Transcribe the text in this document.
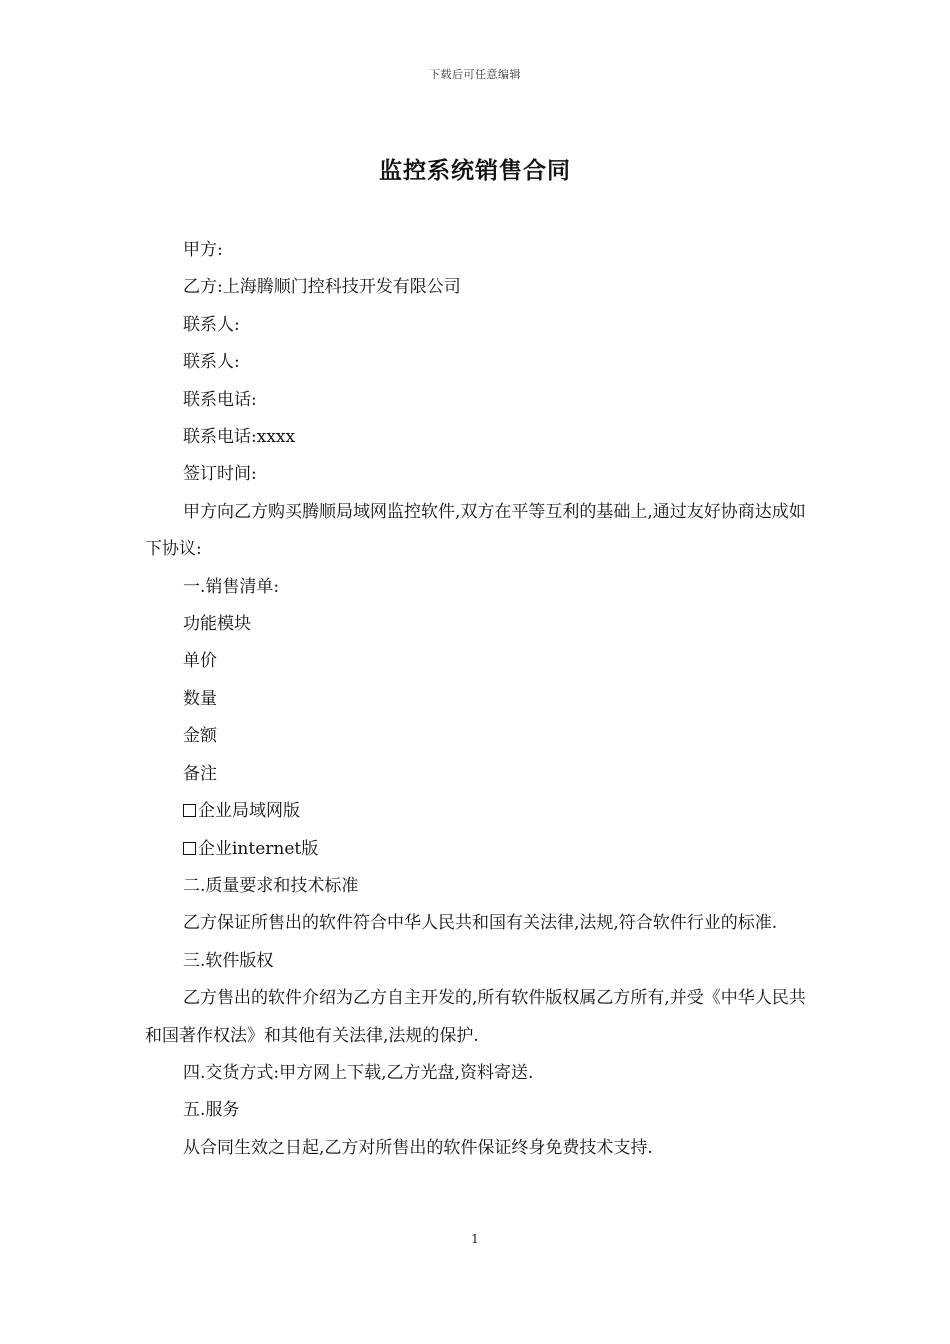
下载后可任意编辑
监控系统销售合同

甲方:

乙方:上海腾顺门控科技开发有限公司

联系人:

联系人:

联系电话:

联系电话:xxxx

签订时间:

甲方向乙方购买腾顺局域网监控软件,双方在平等互利的基础上,通过友好协商达成如下协议:

一.销售清单:

功能模块

单价

数量

金额

备注

企业局域网版

企业internet版

二.质量要求和技术标准

乙方保证所售出的软件符合中华人民共和国有关法律,法规,符合软件行业的标准.

三.软件版权

乙方售出的软件介绍为乙方自主开发的,所有软件版权属乙方所有,并受《中华人民共和国著作权法》和其他有关法律,法规的保护.

四.交货方式:甲方网上下载,乙方光盘,资料寄送.

五.服务

从合同生效之日起,乙方对所售出的软件保证终身免费技术支持.

1
